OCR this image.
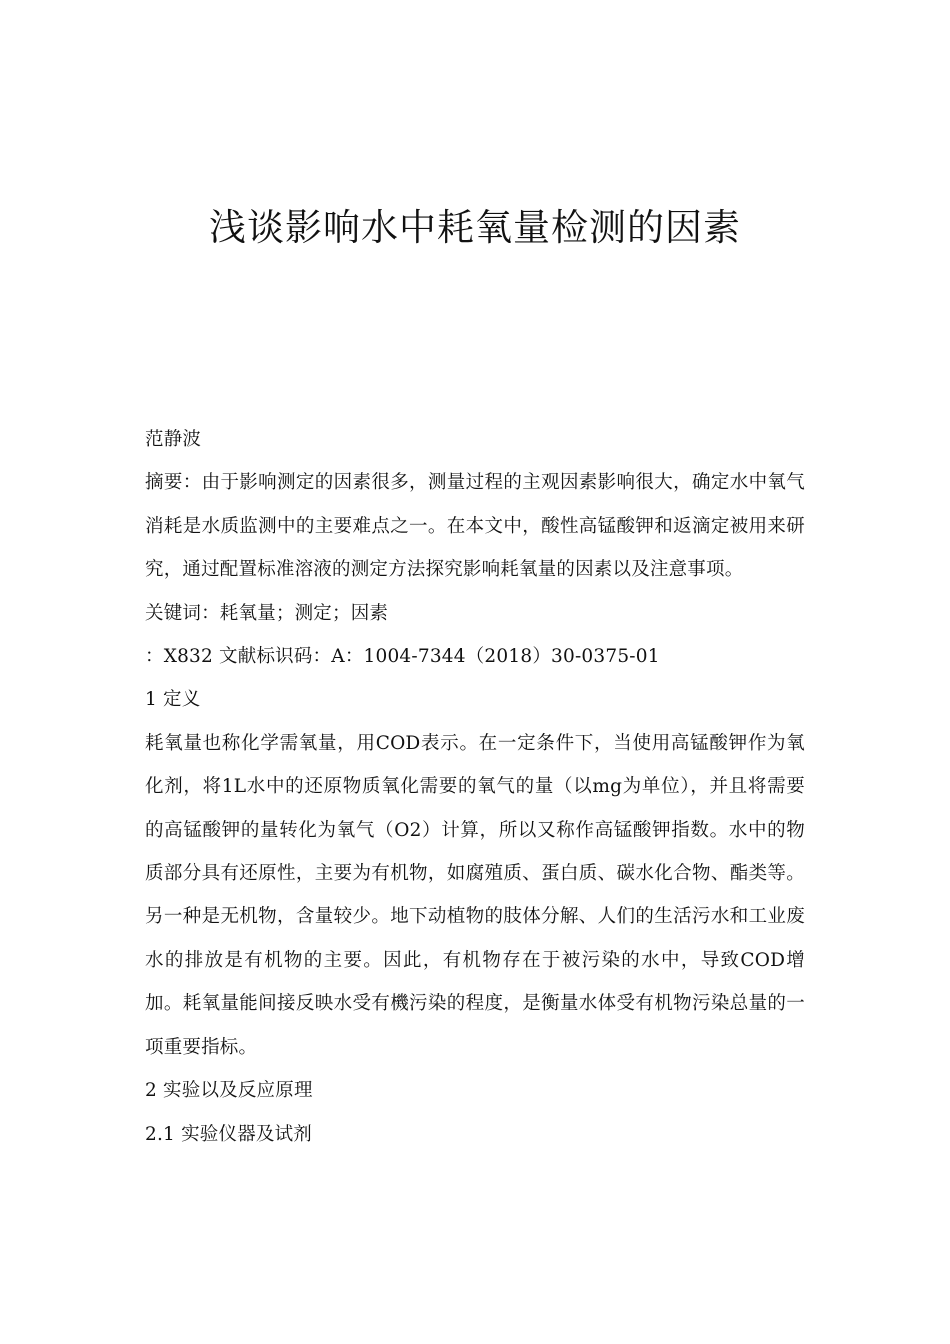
浅谈影响水中耗氧量检测的因素

范静波

摘要：由于影响测定的因素很多，测量过程的主观因素影响很大，确定水中氧气消耗是水质监测中的主要难点之一。在本文中，酸性高锰酸钾和返滴定被用来研究，通过配置标准溶液的测定方法探究影响耗氧量的因素以及注意事项。

关键词：耗氧量；测定；因素

：X832 文献标识码：A：1004-7344（2018）30-0375-01

1 定义

耗氧量也称化学需氧量，用COD表示。在一定条件下，当使用高锰酸钾作为氧化剂，将1L水中的还原物质氧化需要的氧气的量（以mg为单位），并且将需要的高锰酸钾的量转化为氧气（O2）计算，所以又称作高锰酸钾指数。水中的物质部分具有还原性，主要为有机物，如腐殖质、蛋白质、碳水化合物、酯类等。另一种是无机物，含量较少。地下动植物的肢体分解、人们的生活污水和工业废水的排放是有机物的主要。因此，有机物存在于被污染的水中，导致COD增加。耗氧量能间接反映水受有機污染的程度，是衡量水体受有机物污染总量的一项重要指标。

2 实验以及反应原理

2.1 实验仪器及试剂
